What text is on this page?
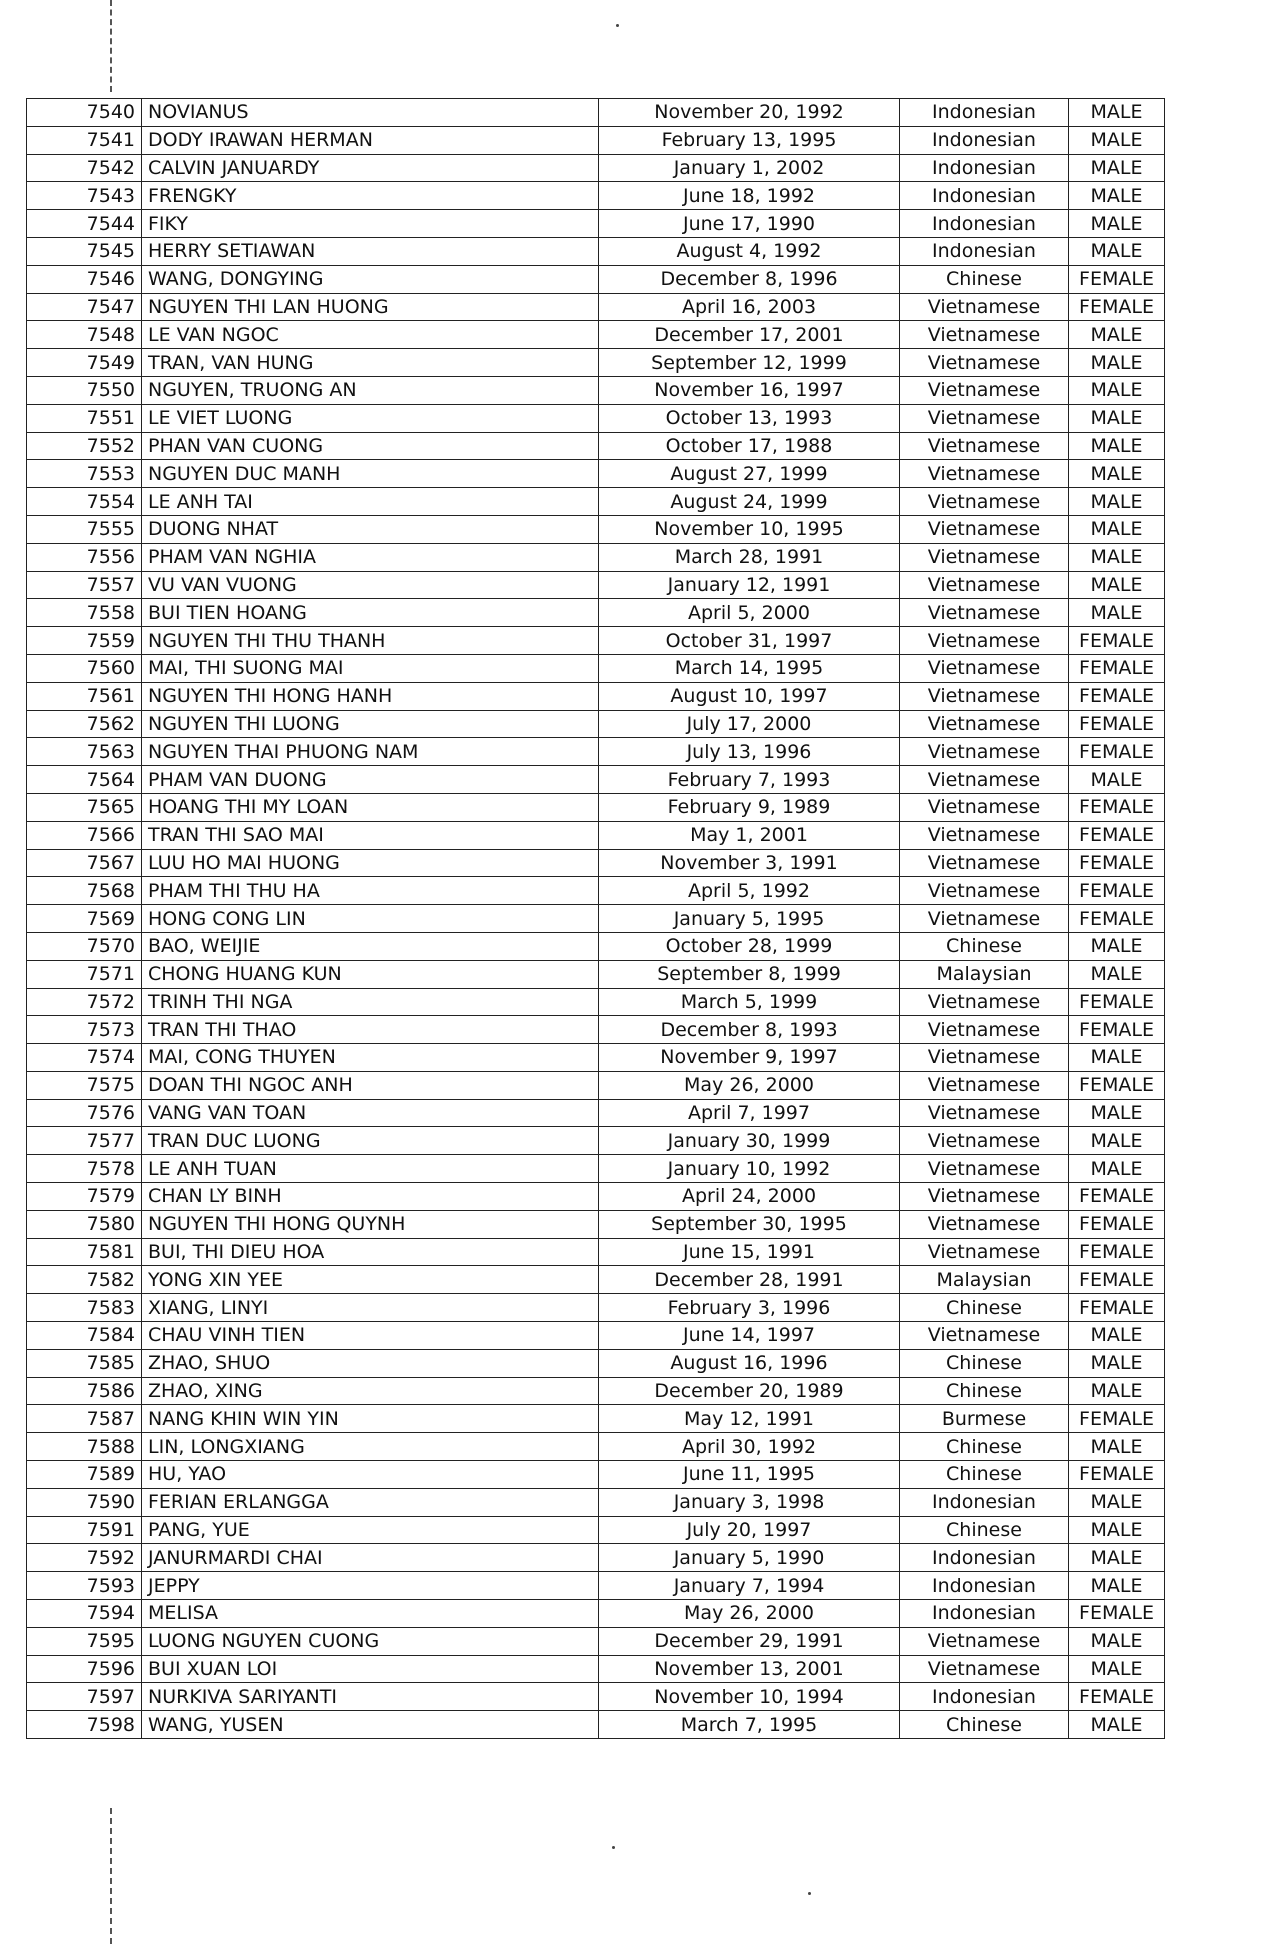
7540	NOVIANUS	November 20, 1992	Indonesian	MALE
7541	DODY IRAWAN HERMAN	February 13, 1995	Indonesian	MALE
7542	CALVIN JANUARDY	January 1, 2002	Indonesian	MALE
7543	FRENGKY	June 18, 1992	Indonesian	MALE
7544	FIKY	June 17, 1990	Indonesian	MALE
7545	HERRY SETIAWAN	August 4, 1992	Indonesian	MALE
7546	WANG, DONGYING	December 8, 1996	Chinese	FEMALE
7547	NGUYEN THI LAN HUONG	April 16, 2003	Vietnamese	FEMALE
7548	LE VAN NGOC	December 17, 2001	Vietnamese	MALE
7549	TRAN, VAN HUNG	September 12, 1999	Vietnamese	MALE
7550	NGUYEN, TRUONG AN	November 16, 1997	Vietnamese	MALE
7551	LE VIET LUONG	October 13, 1993	Vietnamese	MALE
7552	PHAN VAN CUONG	October 17, 1988	Vietnamese	MALE
7553	NGUYEN DUC MANH	August 27, 1999	Vietnamese	MALE
7554	LE ANH TAI	August 24, 1999	Vietnamese	MALE
7555	DUONG NHAT	November 10, 1995	Vietnamese	MALE
7556	PHAM VAN NGHIA	March 28, 1991	Vietnamese	MALE
7557	VU VAN VUONG	January 12, 1991	Vietnamese	MALE
7558	BUI TIEN HOANG	April 5, 2000	Vietnamese	MALE
7559	NGUYEN THI THU THANH	October 31, 1997	Vietnamese	FEMALE
7560	MAI, THI SUONG MAI	March 14, 1995	Vietnamese	FEMALE
7561	NGUYEN THI HONG HANH	August 10, 1997	Vietnamese	FEMALE
7562	NGUYEN THI LUONG	July 17, 2000	Vietnamese	FEMALE
7563	NGUYEN THAI PHUONG NAM	July 13, 1996	Vietnamese	FEMALE
7564	PHAM VAN DUONG	February 7, 1993	Vietnamese	MALE
7565	HOANG THI MY LOAN	February 9, 1989	Vietnamese	FEMALE
7566	TRAN THI SAO MAI	May 1, 2001	Vietnamese	FEMALE
7567	LUU HO MAI HUONG	November 3, 1991	Vietnamese	FEMALE
7568	PHAM THI THU HA	April 5, 1992	Vietnamese	FEMALE
7569	HONG CONG LIN	January 5, 1995	Vietnamese	FEMALE
7570	BAO, WEIJIE	October 28, 1999	Chinese	MALE
7571	CHONG HUANG KUN	September 8, 1999	Malaysian	MALE
7572	TRINH THI NGA	March 5, 1999	Vietnamese	FEMALE
7573	TRAN THI THAO	December 8, 1993	Vietnamese	FEMALE
7574	MAI, CONG THUYEN	November 9, 1997	Vietnamese	MALE
7575	DOAN THI NGOC ANH	May 26, 2000	Vietnamese	FEMALE
7576	VANG VAN TOAN	April 7, 1997	Vietnamese	MALE
7577	TRAN DUC LUONG	January 30, 1999	Vietnamese	MALE
7578	LE ANH TUAN	January 10, 1992	Vietnamese	MALE
7579	CHAN LY BINH	April 24, 2000	Vietnamese	FEMALE
7580	NGUYEN THI HONG QUYNH	September 30, 1995	Vietnamese	FEMALE
7581	BUI, THI DIEU HOA	June 15, 1991	Vietnamese	FEMALE
7582	YONG XIN YEE	December 28, 1991	Malaysian	FEMALE
7583	XIANG, LINYI	February 3, 1996	Chinese	FEMALE
7584	CHAU VINH TIEN	June 14, 1997	Vietnamese	MALE
7585	ZHAO, SHUO	August 16, 1996	Chinese	MALE
7586	ZHAO, XING	December 20, 1989	Chinese	MALE
7587	NANG KHIN WIN YIN	May 12, 1991	Burmese	FEMALE
7588	LIN, LONGXIANG	April 30, 1992	Chinese	MALE
7589	HU, YAO	June 11, 1995	Chinese	FEMALE
7590	FERIAN ERLANGGA	January 3, 1998	Indonesian	MALE
7591	PANG, YUE	July 20, 1997	Chinese	MALE
7592	JANURMARDI CHAI	January 5, 1990	Indonesian	MALE
7593	JEPPY	January 7, 1994	Indonesian	MALE
7594	MELISA	May 26, 2000	Indonesian	FEMALE
7595	LUONG NGUYEN CUONG	December 29, 1991	Vietnamese	MALE
7596	BUI XUAN LOI	November 13, 2001	Vietnamese	MALE
7597	NURKIVA SARIYANTI	November 10, 1994	Indonesian	FEMALE
7598	WANG, YUSEN	March 7, 1995	Chinese	MALE
